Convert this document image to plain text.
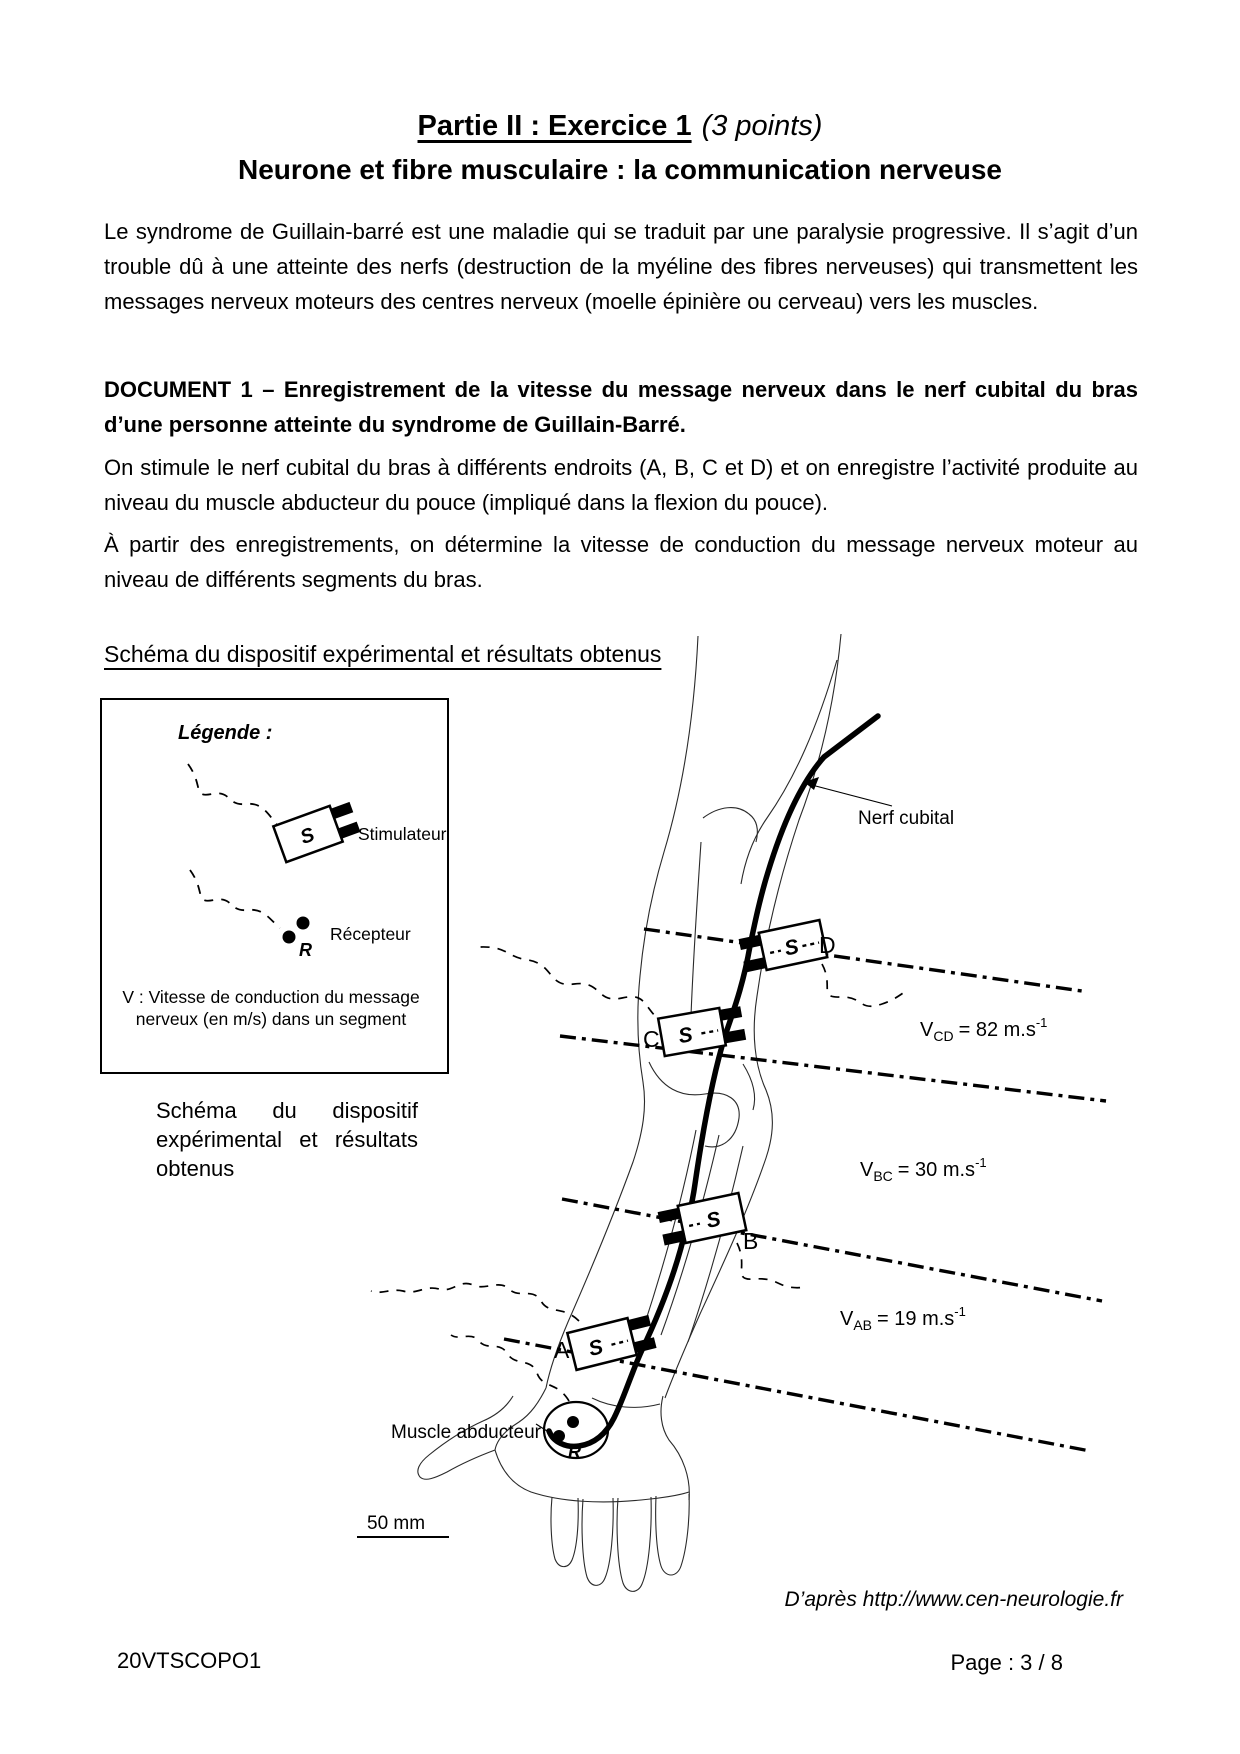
Partie II : Exercice 1 (3 points)
Neurone et fibre musculaire : la communication nerveuse
Le syndrome de Guillain-barré est une maladie qui se traduit par une paralysie progressive. Il s’agit d’un trouble dû à une atteinte des nerfs (destruction de la myéline des fibres nerveuses) qui transmettent les messages nerveux moteurs des centres nerveux (moelle épinière ou cerveau) vers les muscles.
DOCUMENT 1 – Enregistrement de la vitesse du message nerveux dans le nerf cubital du bras d’une personne atteinte du syndrome de Guillain-Barré.
On stimule le nerf cubital du bras à différents endroits (A, B, C et D) et on enregistre l’activité produite au niveau du muscle abducteur du pouce (impliqué dans la flexion du pouce).
À partir des enregistrements, on détermine la vitesse de conduction du message nerveux moteur au niveau de différents segments du bras.
Schéma du dispositif expérimental et résultats obtenus
S
R
Légende :
Stimulateur
Récepteur
V : Vitesse de conduction du message
nerveux (en m/s) dans un segment
Schéma du dispositif expérimental et résultats obtenus
R
S
S
S
S
D
C
B
A
Nerf cubital
$V_{CD} = 82$ $m.s^{-1}$
$V_{BC} = 30$ $m.s^{-1}$
$V_{AB} = 19$ $m.s^{-1}$
Muscle abducteur
50 mm
D’après http://www.cen-neurologie.fr
20VTSCOPO1	Page : 3 / 8
